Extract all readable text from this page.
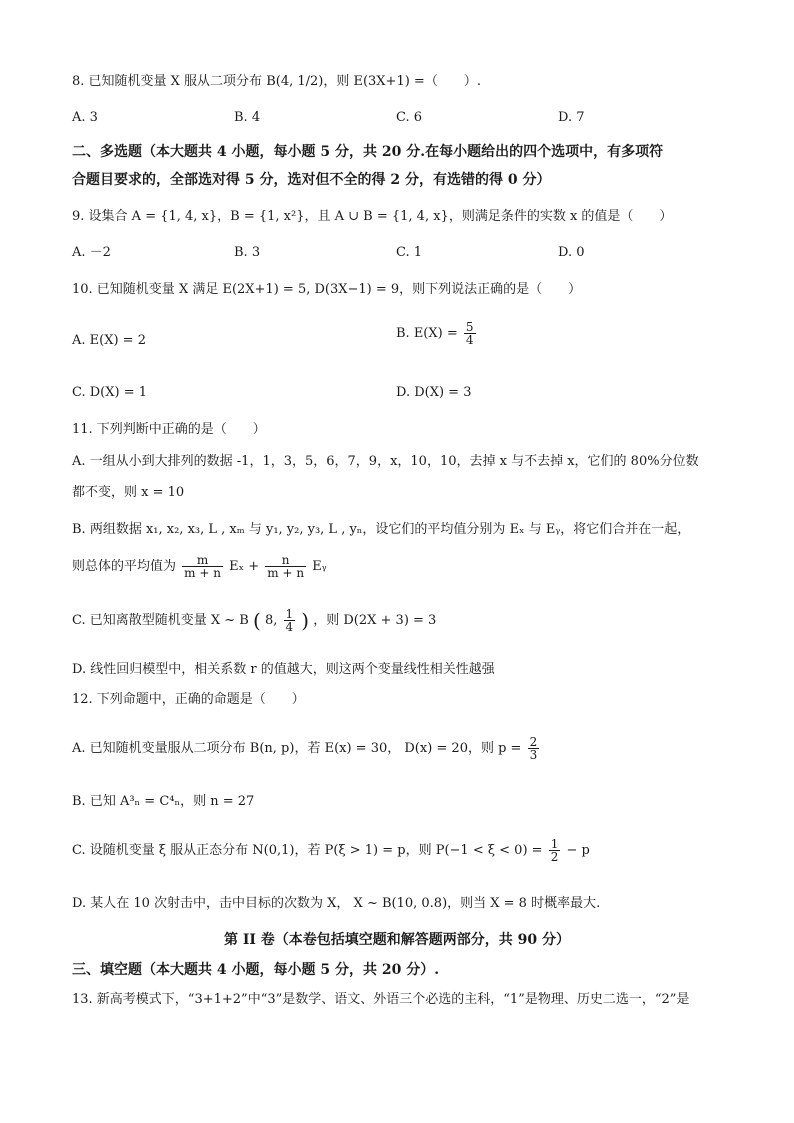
8. 已知随机变量 X 服从二项分布 B(4, 1/2)，则 E(3X+1) =（　　）.
A. 3	B. 4	C. 6	D. 7
二、多选题（本大题共 4 小题，每小题 5 分，共 20 分.在每小题给出的四个选项中，有多项符
合题目要求的，全部选对得 5 分，选对但不全的得 2 分，有选错的得 0 分）
9. 设集合 A = {1, 4, x}，B = {1, x²}，且 A ∪ B = {1, 4, x}，则满足条件的实数 x 的值是（　　）
A. －2	B. 3	C. 1	D. 0
10. 已知随机变量 X 满足 E(2X+1) = 5, D(3X−1) = 9，则下列说法正确的是（　　）
A. E(X) = 2	B. $E(X) = \frac{5}{4}$
C. D(X) = 1	D. D(X) = 3
11. 下列判断中正确的是（　　）
A. 一组从小到大排列的数据 -1，1，3，5，6，7，9，x，10，10，去掉 x 与不去掉 x，它们的 80%分位数
都不变，则 x = 10
B. 两组数据 x₁, x₂, x₃, L , xₘ 与 y₁, y₂, y₃, L , yₙ，设它们的平均值分别为 Eₓ 与 Eᵧ，将它们合并在一起，
则总体的平均值为 $\frac{m}{m + n}$ $E_x + \frac{n}{m + n}$ Eᵧ
C. 已知离散型随机变量 X ~ B ( 8, $\frac{1}{4}$ ) ，则 D(2X + 3) = 3
D. 线性回归模型中，相关系数 r 的值越大，则这两个变量线性相关性越强
12. 下列命题中，正确的命题是（　　）
A. 已知随机变量服从二项分布 B(n, p)，若 E(x) = 30， D(x) = 20，则 $p = \frac{2}{3}$
B. 已知 A³ₙ = C⁴ₙ，则 n = 27
C. 设随机变量 ξ 服从正态分布 N(0,1)，若 P(ξ > 1) = p，则 $P(-1 < \xi < 0) = \frac{1}{2} - p$
D. 某人在 10 次射击中，击中目标的次数为 X， X ~ B(10, 0.8)，则当 X = 8 时概率最大.
第 II 卷（本卷包括填空题和解答题两部分，共 90 分）
三、填空题（本大题共 4 小题，每小题 5 分，共 20 分）.
13. 新高考模式下，“3+1+2”中“3”是数学、语文、外语三个必选的主科，“1”是物理、历史二选一，“2”是
